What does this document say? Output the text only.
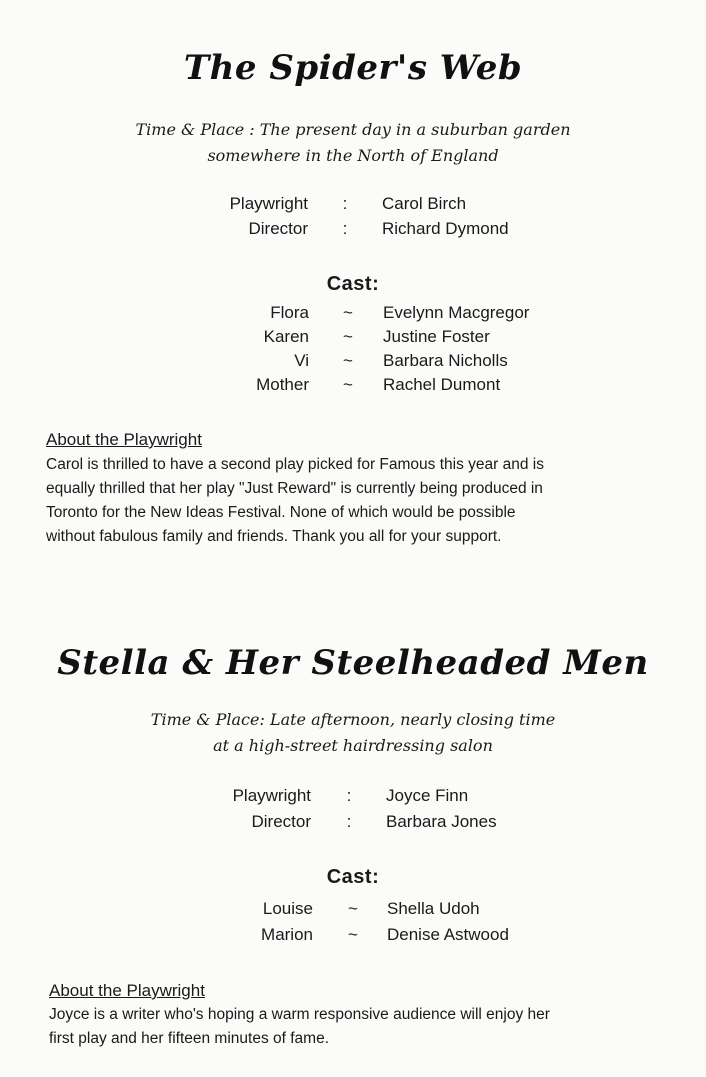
The Spider's Web
Time & Place : The present day in a suburban garden
somewhere in the North of England
Playwright	:	Carol Birch
Director	:	Richard Dymond
Cast:
Flora ~ Evelynn Macgregor
Karen ~ Justine Foster
Vi ~ Barbara Nicholls
Mother ~ Rachel Dumont
About the Playwright
Carol is thrilled to have a second play picked for Famous this year and is
equally thrilled that her play "Just Reward" is currently being produced in
Toronto for the New Ideas Festival. None of which would be possible
without fabulous family and friends. Thank you all for your support.
Stella & Her Steelheaded Men
Time & Place: Late afternoon, nearly closing time
at a high-street hairdressing salon
Playwright	:	Joyce Finn
Director	:	Barbara Jones
Cast:
Louise ~ Shella Udoh
Marion ~ Denise Astwood
About the Playwright
Joyce is a writer who's hoping a warm responsive audience will enjoy her
first play and her fifteen minutes of fame.
